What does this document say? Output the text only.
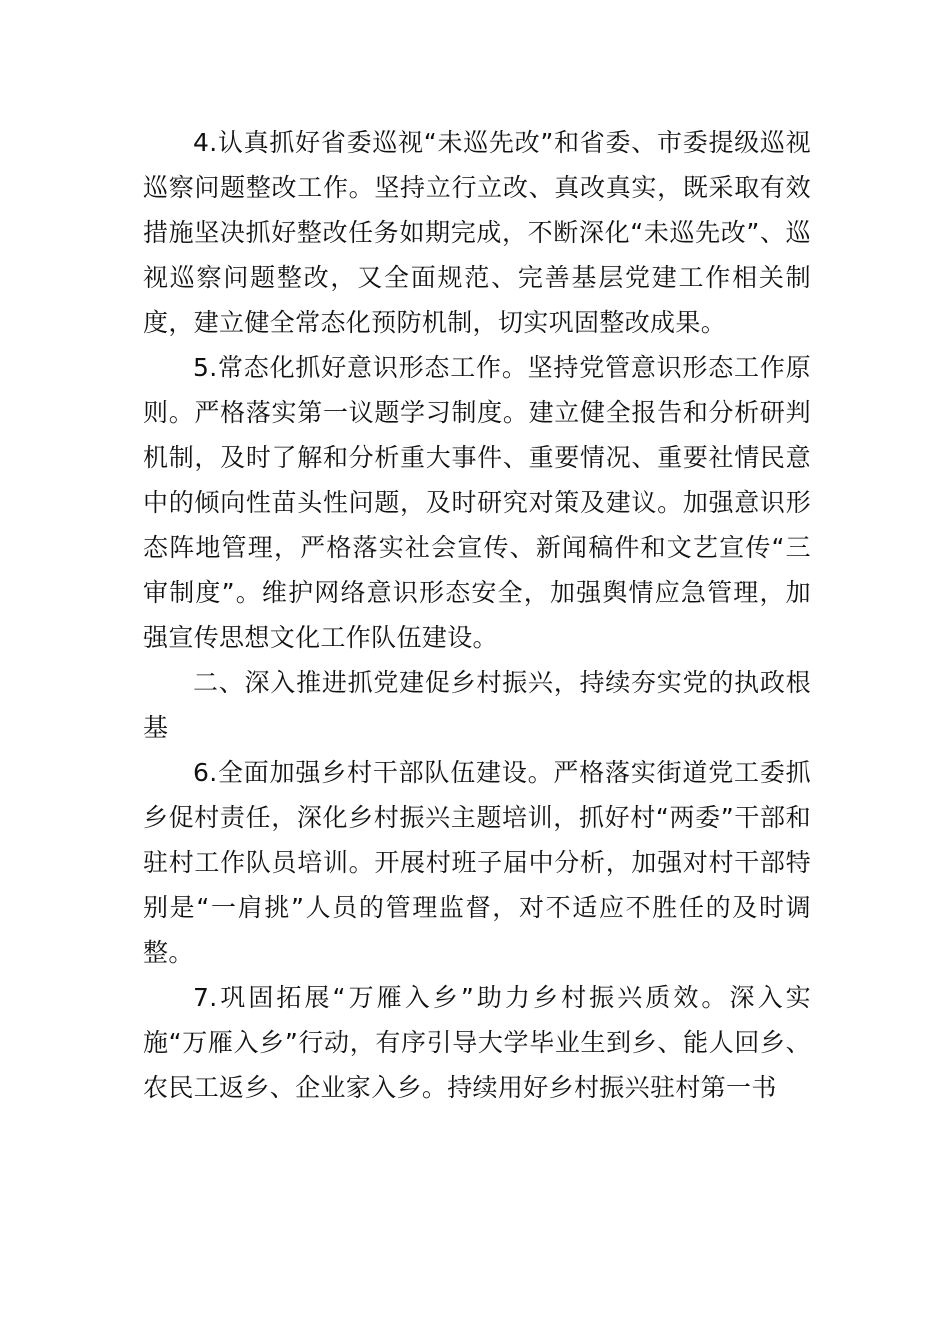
4.认真抓好省委巡视“未巡先改”和省委、市委提级巡视巡察问题整改工作。坚持立行立改、真改真实，既采取有效措施坚决抓好整改任务如期完成，不断深化“未巡先改”、巡视巡察问题整改，又全面规范、完善基层党建工作相关制度，建立健全常态化预防机制，切实巩固整改成果。

5.常态化抓好意识形态工作。坚持党管意识形态工作原则。严格落实第一议题学习制度。建立健全报告和分析研判机制，及时了解和分析重大事件、重要情况、重要社情民意中的倾向性苗头性问题，及时研究对策及建议。加强意识形态阵地管理，严格落实社会宣传、新闻稿件和文艺宣传“三审制度”。维护网络意识形态安全，加强舆情应急管理，加强宣传思想文化工作队伍建设。

二、深入推进抓党建促乡村振兴，持续夯实党的执政根基

6.全面加强乡村干部队伍建设。严格落实街道党工委抓乡促村责任，深化乡村振兴主题培训，抓好村“两委”干部和驻村工作队员培训。开展村班子届中分析，加强对村干部特别是“一肩挑”人员的管理监督，对不适应不胜任的及时调整。

7.巩固拓展“万雁入乡”助力乡村振兴质效。深入实施“万雁入乡”行动，有序引导大学毕业生到乡、能人回乡、农民工返乡、企业家入乡。持续用好乡村振兴驻村第一书
